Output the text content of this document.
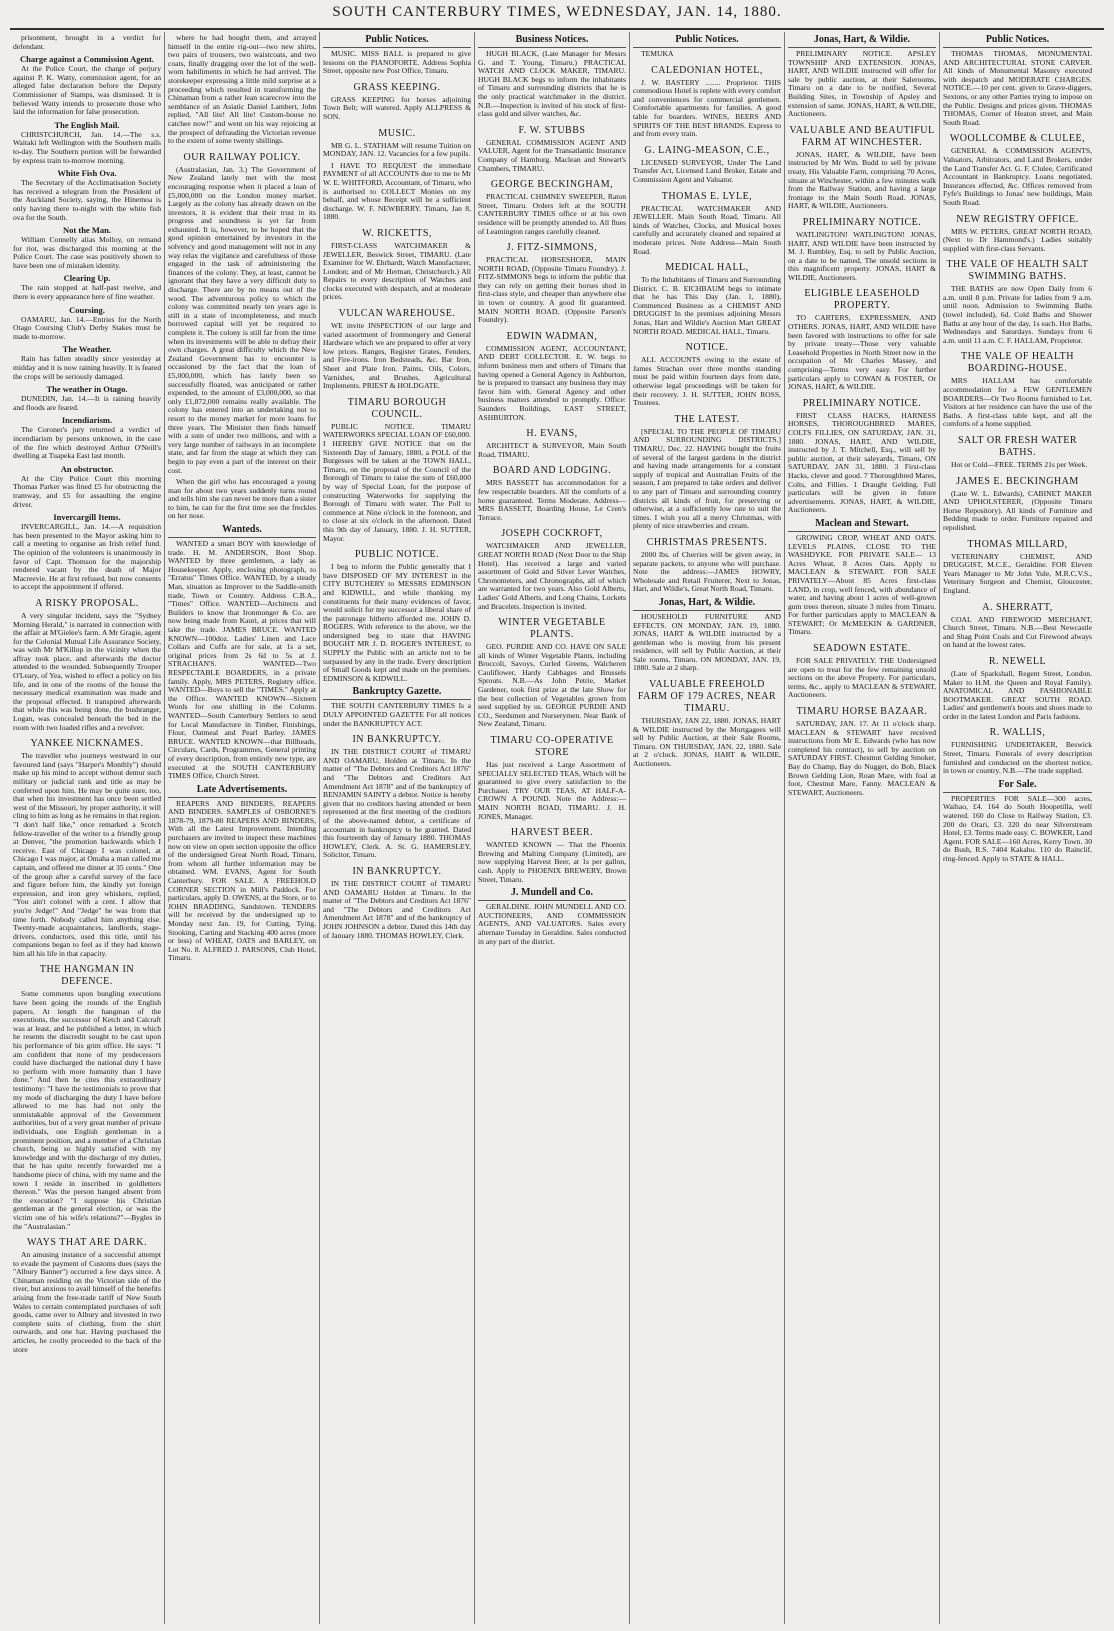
SOUTH CANTERBURY TIMES, WEDNESDAY, JAN. 14, 1880.
prisonment, brought in a verdict for defendant.
Charge against a Commission Agent.
At the Police Court, the charge of perjury against P. K. Watty, commission agent, for an alleged false declaration before the Deputy Commissioner of Stamps, was dismissed. It is believed Watty intends to prosecute those who laid the information for false prosecution.
The English Mail.
CHRISTCHURCH, Jan. 14.—The s.s. Waitaki left Wellington with the Southern mails to-day. The Southern portion will be forwarded by express train to-morrow morning.
White Fish Ova.
The Secretary of the Acclimatisation Society has received a telegram from the President of the Auckland Society, saying, the Hinemoa is only having there to-night with the white fish ova for the South.
Not the Man.
William Connelly alias Molloy, on remand for riot, was discharged this morning at the Police Court. The case was positively shown to have been one of mistaken identity.
Clearing Up.
The rain stopped at half-past twelve, and there is every appearance here of fine weather.
Coursing.
OAMARU, Jan. 14.—Entries for the North Otago Coursing Club's Derby Stakes must be made to-morrow.
The Weather.
Rain has fallen steadily since yesterday at midday and it is now raining heavily. It is feared the crops will be seriously damaged.
The weather in Otago.
DUNEDIN, Jan. 14.—It is raining heavily and floods are feared.
Incendiarism.
The Coroner's jury returned a verdict of incendiarism by persons unknown, in the case of the fire which destroyed Arthur O'Neill's dwelling at Tuapeka East last month.
An obstructor.
At the City Police Court this morning Thomas Parker was fined £5 for obstructing the tramway, and £5 for assaulting the engine driver.
Invercargill Items.
INVERCARGILL, Jan. 14.—A requisition has been presented to the Mayor asking him to call a meeting to organise an Irish relief fund. The opinion of the volunteers is unanimously in favor of Capt. Thomson for the majorship rendered vacant by the death of Major Macreevie. He at first refused, but now consents to accept the appointment if offered.
A RISKY PROPOSAL.
A very singular incident, says the "Sydney Morning Herald," is narrated in connection with the affair at M'Gielee's farm. A Mr Gragie, agent for the Colonial Mutual Life Assurance Society, was with Mr M'Killop in the vicinity when the affray took place, and afterwards the doctor attended to the wounded. Subsequently Trooper O'Leary, of Yea, wished to effect a policy on his life, and in one of the rooms of the house the necessary medical examination was made and the proposal effected. It transpired afterwards that while this was being done, the bushranger, Logan, was concealed beneath the bed in the room with two loaded rifles and a revolver.
YANKEE NICKNAMES.
The traveller who journeys westward in our favoured land (says "Harper's Monthly") should make up his mind to accept without demur such military or judicial rank and title as may be conferred upon him. He may be quite sure, too, that when his investment has once been settled west of the Missouri, by proper authority, it will cling to him as long as he remains in that region. "I don't half like," once remarked a Scotch fellow-traveller of the writer to a friendly group at Denver, "the promotion backwards which I receive. East of Chicago I was colonel, at Chicago I was major, at Omaha a man called me captain, and offered me dinner at 35 cents." One of the group after a careful survey of the face and figure before him, the kindly yet foreign expression, and iron grey whiskers, replied, "You ain't colonel with a cent. I allow that you're Jedge!" And "Jedge" he was from that time forth. Nobody called him anything else. Twenty-made acquaintances, landlords, stage-drivers, conductors, used this title, until his companions began to feel as if they had known him all his life in that capacity.
THE HANGMAN IN DEFENCE.
Some comments upon bungling executions have been going the rounds of the English papers. At length the hangman of the executions, the successor of Ketch and Calcraft was at least, and he published a letter, in which he resents the discredit sought to be cast upon his performance of his grim office. He says: "I am confident that none of my predecessors could have discharged the national duty I have to perform with more humanity than I have done." And then he cites this extraordinary testimony: "I have the testimonials to prove that my mode of discharging the duty I have before allowed to me has had not only the unmistakable approval of the Government authorities, but of a very great number of private individuals, one English gentleman in a prominent position, and a member of a Christian church, being so highly satisfied with my knowledge and with the discharge of my duties, that he has quite recently forwarded me a handsome piece of china, with my name and the town I reside in inscribed in goldletters thereon." Was the person hanged absent from the execution? "I suppose his Christian gentleman at the general election, or was the victim one of his wife's relations?"—Bygles in the "Australasian."
WAYS THAT ARE DARK.
An amusing instance of a successful attempt to evade the payment of Customs dues (says the "Albury Banner") occurred a few days since. A Chinaman residing on the Victorian side of the river, but anxious to avail himself of the benefits arising from the free-trade tariff of New South Wales to certain contemplated purchases of soft goods, came over to Albury and invested in two complete suits of clothing, from the shirt outwards, and one hat. Having purchased the articles, he coolly proceeded to the back of the store
where he had bought them, and arrayed himself in the entire rig-out—two new shirts, two pairs of trousers, two waistcoats, and two coats, finally dragging over the lot of the well-worn habiliments in which he had arrived. The storekeeper expressing a little mild surprise at a proceeding which resulted in transforming the Chinaman from a rather lean scarecrow into the semblance of an Asiatic Daniel Lambert, John replied, "All lite! All lite! Custom-house no catchee now!" and went on his way rejoicing at the prospect of defrauding the Victorian revenue to the extent of some twenty shillings.
OUR RAILWAY POLICY.
(Australasian, Jan. 3.) The Government of New Zealand lately met with the most encouraging response when it placed a loan of £5,000,000 on the London money market. Largely as the colony has already drawn on the investors, it is evident that their trust in its progress and soundness is yet far from exhausted. It is, however, to be hoped that the good opinion entertained by investors in the solvency and good management will not in any way relax the vigilance and carefulness of those engaged in the task of administering the finances of the colony. They, at least, cannot be ignorant that they have a very difficult duty to discharge. There are by no means out of the wood. The adventurous policy to which the colony was committed nearly ten years ago is still in a state of incompleteness, and much borrowed capital will yet be required to complete it. The colony is still far from the time when its investments will be able to defray their own charges. A great difficulty which the New Zealand Government has to encounter is occasioned by the fact that the loan of £5,000,000, which has lately been so successfully floated, was anticipated or rather expended, to the amount of £3,000,000, so that only £1,872,000 remains really available. The colony has entered into an undertaking not to resort to the money market for more loans for three years. The Minister then finds himself with a sum of under two millions, and with a very large number of railways in an incomplete state, and far from the stage at which they can begin to pay even a part of the interest on their cost.
When the girl who has encouraged a young man for about two years suddenly turns round and tells him she can never be more than a sister to him, he can for the first time see the freckles on her nose.
Wanteds.
WANTED a smart BOY with knowledge of trade. H. M. ANDERSON, Boot Shop. WANTED by three gentlemen, a lady as Housekeeper. Apply, enclosing photograph, to "Erratus" Times Office. WANTED, by a steady Man, situation as Improver to the Saddle-smith trade, Town or Country. Address C.B.A., "Times" Office. WANTED—Architects and Builders to know that Ironmonger & Co. are now being made from Kauri, at prices that will take the trade. JAMES BRUCE. WANTED KNOWN—100doz. Ladies' Linen and Lace Collars and Cuffs are for sale, at 1s a set, original prices from 2s 6d to 5s at J. STRACHAN'S. WANTED—Two RESPECTABLE BOARDERS, in a private family. Apply, MRS PETERS, Registry office. WANTED—Boys to sell the "TIMES." Apply at the Office. WANTED KNOWN—Sixteen Words for one shilling in the Column. WANTED—South Canterbury Settlers to send for Local Manufacture in Timber, Finishings, Flour, Oatmeal and Pearl Barley. JAMES BRUCE. WANTED KNOWN—that Billheads, Circulars, Cards, Programmes, General printing of every description, from entirely new type, are executed at the SOUTH CANTERBURY TIMES Office, Church Street.
Late Advertisements.
REAPERS AND BINDERS, REAPERS AND BINDERS. SAMPLES of OSBORNE'S 1878-79, 1879-80 REAPERS AND BINDERS, With all the Latest Improvement. Intending purchasers are invited to inspect these machines now on view on open section opposite the office of the undersigned Great North Road, Timaru, from whom all further information may be obtained. WM. EVANS, Agent for South Canterbury. FOR SALE. A FREEHOLD CORNER SECTION in Mill's Paddock. For particulars, apply D. OWENS, at the Store, or to JOHN BRADDING, Sandstown. TENDERS will be received by the undersigned up to Monday next Jan. 19, for Cutting, Tying, Stooking, Carting and Stacking 400 acres (more or less) of WHEAT, OATS and BARLEY, on Lot No. 8. ALFRED J. PARSONS, Club Hotel, Timaru.
Public Notices.
MUSIC. MISS BALL is prepared to give lessons on the PIANOFORTE. Address Sophia Street, opposite new Post Office, Timaru.
GRASS KEEPING.
GRASS KEEPING for horses adjoining Town Belt; will watered. Apply ALLPRESS & SON.
MUSIC.
MR G. L. STATHAM will resume Tuition on MONDAY, JAN. 12. Vacancies for a few pupils.
I HAVE TO REQUEST the immediate PAYMENT of all ACCOUNTS due to me to Mr W. E. WHITFORD, Accountant, of Timaru, who is authorised to COLLECT Monies on my behalf, and whose Receipt will be a sufficient discharge. W. F. NEWBERRY. Timaru, Jan 8, 1880.
W. RICKETTS,
FIRST-CLASS WATCHMAKER & JEWELLER, Beswick Street, TIMARU. (Late Examiner for W. Ehrhardt, Watch Manufacturer, London; and of Mr Herman, Christchurch.) All Repairs to every description of Watches and clocks executed with despatch, and at moderate prices.
VULCAN WAREHOUSE.
WE invite INSPECTION of our large and varied assortment of Ironmongery and General Hardware which we are prepared to offer at very low prices. Ranges, Register Grates, Fenders, and Fire-irons. Iron Bedsteads, &c. Bar Iron, Sheet and Plate Iron. Paints, Oils, Colors, Varnishes, and Brushes. Agricultural Implements. PRIEST & HOLDGATE.
TIMARU BOROUGH COUNCIL.
PUBLIC NOTICE. TIMARU WATERWORKS SPECIAL LOAN OF £60,000. I HEREBY GIVE NOTICE that on the Sixteenth Day of January, 1880, a POLL of the Burgesses will be taken at the TOWN HALL, Timaru, on the proposal of the Council of the Borough of Timaru to raise the sum of £60,000 by way of Special Loan, for the purpose of constructing Waterworks for supplying the Borough of Timaru with water. The Poll to commence at Nine o'clock in the forenoon, and to close at six o'clock in the afternoon. Dated this 9th day of January, 1880. J. H. SUTTER, Mayor.
PUBLIC NOTICE.
I beg to inform the Public generally that I have DISPOSED OF MY INTEREST in the CITY BUTCHERY to MESSRS EDMINSON and KIDWILL, and while thanking my constituents for their many evidences of favor, would solicit for my successor a liberal share of the patronage hitherto afforded me. JOHN D. ROGERS. With reference to the above, we the undersigned beg to state that HAVING BOUGHT MR J. D. ROGER'S INTEREST, to SUPPLY the Public with an article not to be surpassed by any in the trade. Every description of Small Goods kept and made on the premises. EDMINSON & KIDWILL.
Bankruptcy Gazette.
THE SOUTH CANTERBURY TIMES Is a DULY APPOINTED GAZETTE For all notices under the BANKRUPTCY ACT.
IN BANKRUPTCY.
IN THE DISTRICT COURT of TIMARU AND OAMARU, Holden at Timaru. In the matter of "The Debtors and Creditors Act 1876" and "The Debtors and Creditors Act Amendment Act 1878" and of the bankruptcy of BENJAMIN SAINTY a debtor. Notice is hereby given that no creditors having attended or been represented at the first meeting of the creditors of the above-named debtor, a certificate of accountant in bankruptcy to be granted. Dated this fourteenth day of January 1880. THOMAS HOWLEY, Clerk. A. St. G. HAMERSLEY, Solicitor, Timaru.
IN BANKRUPTCY.
IN THE DISTRICT COURT of TIMARU AND OAMARU Holden at Timaru. In the matter of "The Debtors and Creditors Act 1876" and "The Debtors and Creditors Act Amendment Act 1878" and of the bankruptcy of JOHN JOHNSON a debtor. Dated this 14th day of January 1880. THOMAS HOWLEY, Clerk.
Business Notices.
HUGH BLACK, (Late Manager for Messrs G. and T. Young, Timaru.) PRACTICAL WATCH AND CLOCK MAKER, TIMARU. HUGH BLACK begs to inform the inhabitants of Timaru and surrounding districts that he is the only practical watchmaker in the district. N.B.—Inspection is invited of his stock of first-class gold and silver watches, &c.
F. W. STUBBS
GENERAL COMMISSION AGENT AND VALUER, Agent for the Transatlantic Insurance Company of Hamburg. Maclean and Stewart's Chambers, TIMARU.
GEORGE BECKINGHAM,
PRACTICAL CHIMNEY SWEEPER, Raton Street, Timaru. Orders left at the SOUTH CANTERBURY TIMES office or at his own residence will be promptly attended to. All flues of Leamington ranges carefully cleaned.
J. FITZ-SIMMONS,
PRACTICAL HORSESHOER, MAIN NORTH ROAD, (Opposite Timaru Foundry). J. FITZ-SIMMONS begs to inform the public that they can rely on getting their horses shod in first-class style, and cheaper than anywhere else in town or country. A good fit guaranteed. MAIN NORTH ROAD, (Opposite Parson's Foundry).
EDWIN WADMAN,
COMMISSION AGENT, ACCOUNTANT, AND DEBT COLLECTOR. E. W. begs to inform business men and others of Timaru that having opened a General Agency in Ashburton, he is prepared to transact any business they may favor him with. General Agency and other business matters attended to promptly. Office: Saunders Buildings, EAST STREET, ASHBURTON.
H. EVANS,
ARCHITECT & SURVEYOR, Main South Road, TIMARU.
BOARD AND LODGING.
MRS BASSETT has accommodation for a few respectable boarders. All the comforts of a home guaranteed. Terms Moderate. Address—MRS BASSETT, Boarding House, Le Cren's Terrace.
JOSEPH COCKROFT,
WATCHMAKER AND JEWELLER, GREAT NORTH ROAD (Next Door to the Ship Hotel). Has received a large and varied assortment of Gold and Silver Lever Watches, Chronometers, and Chronographs, all of which are warranted for two years. Also Gold Alberts, Ladies' Gold Alberts, and Long Chains, Lockets and Bracelets. Inspection is invited.
WINTER VEGETABLE PLANTS.
GEO. PURDIE AND CO. HAVE ON SALE all kinds of Winter Vegetable Plants, including Broccoli, Savoys, Curled Greens, Walcheren Cauliflower, Hardy Cabbages and Brussels Sprouts. N.B.—As John Petrie, Market Gardener, took first prize at the late Show for the best collection of Vegetables grown from seed supplied by us. GEORGE PURDIE AND CO., Seedsmen and Nurserymen. Near Bank of New Zealand, Timaru.
TIMARU CO-OPERATIVE STORE
Has just received a Large Assortment of SPECIALLY SELECTED TEAS, Which will be guaranteed to give every satisfaction to the Purchaser. TRY OUR TEAS, AT HALF-A-CROWN A POUND. Note the Address:—MAIN NORTH ROAD, TIMARU. J. H. JONES, Manager.
HARVEST BEER.
WANTED KNOWN — That the Phoenix Brewing and Malting Company (Limited), are now supplying Harvest Beer, at 1s per gallon, cash. Apply to PHOENIX BREWERY, Brown Street, Timaru.
J. Mundell and Co.
GERALDINE. JOHN MUNDELL AND CO. AUCTIONEERS, AND COMMISSION AGENTS, AND VALUATORS. Sales every alternate Tuesday in Geraldine. Sales conducted in any part of the district.
Public Notices.
TEMUKA
CALEDONIAN HOTEL,
J. W. BASTERY ........ Proprietor. THIS commodious Hotel is replete with every comfort and conveniences for commercial gentlemen. Comfortable apartments for families. A good table for boarders. WINES, BEERS AND SPIRITS OF THE BEST BRANDS. Express to and from every train.
G. LAING-MEASON, C.E.,
LICENSED SURVEYOR, Under The Land Transfer Act, Licensed Land Broker, Estate and Commission Agent and Valuator.
THOMAS E. LYLE,
PRACTICAL WATCHMAKER AND JEWELLER. Main South Road, Timaru. All kinds of Watches, Clocks, and Musical boxes carefully and accurately cleaned and repaired at moderate prices. Note Address—Main South Road.
MEDICAL HALL,
To the Inhabitants of Timaru and Surrounding District. C. B. EICHBAUM begs to intimate that he has This Day (Jan. 1, 1880), Commenced Business as a CHEMIST AND DRUGGIST In the premises adjoining Messrs Jonas, Hart and Wildie's Auction Mart GREAT NORTH ROAD. MEDICAL HALL, Timaru.
NOTICE.
ALL ACCOUNTS owing to the estate of James Strachan over three months standing must be paid within fourteen days from date, otherwise legal proceedings will be taken for their recovery. J. H. SUTTER, JOHN ROSS, Trustees.
THE LATEST.
[SPECIAL TO THE PEOPLE OF TIMARU AND SURROUNDING DISTRICTS.] TIMARU, Dec. 22. HAVING bought the fruits of several of the largest gardens in the district and having made arrangements for a constant supply of tropical and Australian Fruits of the season, I am prepared to take orders and deliver to any part of Timaru and surrounding country districts all kinds of fruit, for preserving or otherwise, at a sufficiently low rate to suit the times. I wish you all a merry Christmas, with plenty of nice strawberries and cream.
CHRISTMAS PRESENTS.
2000 lbs. of Cherries will be given away, in separate packets, to anyone who will purchase. Note the address:—JAMES HOWRY, Wholesale and Retail Fruiterer, Next to Jonas, Hart, and Wildie's, Great North Road, Timaru.
Jonas, Hart, & Wildie.
HOUSEHOLD FURNITURE AND EFFECTS. ON MONDAY, JAN. 19, 1880. JONAS, HART & WILDIE instructed by a gentleman who is moving from his present residence, will sell by Public Auction, at their Sale rooms, Timaru. ON MONDAY, JAN. 19, 1880. Sale at 2 sharp.
VALUABLE FREEHOLD FARM OF 179 ACRES, NEAR TIMARU.
THURSDAY, JAN 22, 1880. JONAS, HART & WILDIE instructed by the Mortgagees will sell by Public Auction, at their Sale Rooms, Timaru. ON THURSDAY, JAN. 22, 1880. Sale at 2 o'clock. JONAS, HART & WILDIE, Auctioneers.
Jonas, Hart, & Wildie.
PRELIMINARY NOTICE. APSLEY TOWNSHIP AND EXTENSION. JONAS, HART, AND WILDIE instructed will offer for sale by public auction, at their Salerooms, Timaru on a date to be notified, Several Building Sites, in Township of Apsley and extension of same. JONAS, HART, & WILDIE, Auctioneers.
VALUABLE AND BEAUTIFUL FARM AT WINCHESTER.
JONAS, HART, & WILDIE, have been instructed by Mr Wm. Budd to sell by private treaty, His Valuable Farm, comprising 70 Acres, situate at Winchester, within a few minutes walk from the Railway Station, and having a large frontage to the Main South Road. JONAS, HART, & WILDIE, Auctioneers.
PRELIMINARY NOTICE.
WATLINGTON! WATLINGTON! JONAS, HART, AND WILDIE have been instructed by M. J. Rumbley, Esq. to sell by Public Auction, on a date to be named, The unsold sections in this magnificent property. JONAS, HART & WILDIE, Auctioneers.
ELIGIBLE LEASEHOLD PROPERTY.
TO CARTERS, EXPRESSMEN, AND OTHERS. JONAS, HART, AND WILDIE have been favored with instructions to offer for sale by private treaty—Those very valuable Leasehold Properties in North Street now in the occupation of Mr Charles Massey, and comprising—Terms very easy. For further particulars apply to COWAN & FOSTER, Or JONAS, HART, & WILDIE.
PRELIMINARY NOTICE.
FIRST CLASS HACKS, HARNESS HORSES, THOROUGHBRED MARES, COLTS FILLIES, ON SATURDAY, JAN. 31, 1880. JONAS, HART, AND WILDIE, instructed by J. T. Mitchell, Esq., will sell by public auction, at their saleyards, Timaru, ON SATURDAY, JAN 31, 1880. 3 First-class Hacks, clever and good. 7 Thoroughbred Mares, Colts, and Fillies. 1 Draught Gelding. Full particulars will be given in future advertisements. JONAS, HART, & WILDIE, Auctioneers.
Maclean and Stewart.
GROWING CROP, WHEAT AND OATS. LEVELS PLAINS, CLOSE TO THE WASHDYKE. FOR PRIVATE SALE— 13 Acres Wheat, 8 Acres Oats. Apply to MACLEAN & STEWART. FOR SALE PRIVATELY—About 85 Acres first-class LAND, in crop, well fenced, with abundance of water, and having about 1 acres of well-grown gum trees thereon, situate 3 miles from Timaru. For further particulars apply to MACLEAN & STEWART; Or McMEEKIN & GARDNER, Timaru.
SEADOWN ESTATE.
FOR SALE PRIVATELY. THE Undersigned are open to treat for the few remaining unsold sections on the above Property. For particulars, terms, &c., apply to MACLEAN & STEWART, Auctioneers.
TIMARU HORSE BAZAAR.
SATURDAY, JAN. 17. At 11 o'clock sharp. MACLEAN & STEWART have received instructions from Mr E. Edwards (who has now completed his contract), to sell by auction on SATURDAY FIRST. Chestnut Gelding Smoker, Bay do Champ, Bay do Nugget, do Bob, Black Brown Gelding Lion, Roan Mare, with foal at foot, Chestnut Mare, Fanny. MACLEAN & STEWART, Auctioneers.
Public Notices.
THOMAS THOMAS, MONUMENTAL AND ARCHITECTURAL STONE CARVER. All kinds of Monumental Masonry executed with despatch and MODERATE CHARGES. NOTICE.—10 per cent. given to Grave-diggers, Sextons, or any other Parties trying to impose on the Public. Designs and prices given. THOMAS THOMAS, Corner of Heaton street, and Main South Road.
WOOLLCOMBE & CLULEE,
GENERAL & COMMISSION AGENTS, Valuators, Arbitrators, and Land Brokers, under the Land Transfer Act. G. F. Clulee, Certificated Accountant in Bankruptcy. Loans negotiated, Insurances effected, &c. Offices removed from Fyfe's Buildings to Jonas' new buildings, Main South Road.
NEW REGISTRY OFFICE.
MRS W. PETERS, GREAT NORTH ROAD, (Next to Dr Hammond's.) Ladies suitably supplied with first-class Servants.
THE VALE OF HEALTH SALT SWIMMING BATHS.
THE BATHS are now Open Daily from 6 a.m. until 8 p.m. Private for ladies from 9 a.m. until noon. Admission to Swimming Baths (towel included), 6d. Cold Baths and Shower Baths at any hour of the day, 1s each. Hot Baths, Wednesdays and Saturdays. Sundays from 6 a.m. until 11 a.m. C. F. HALLAM, Proprietor.
THE VALE OF HEALTH BOARDING-HOUSE.
MRS HALLAM has comfortable accommodation for a FEW GENTLEMEN BOARDERS—Or Two Rooms furnished to Let. Visitors at her residence can have the use of the Baths. A first-class table kept, and all the comforts of a home supplied.
SALT OR FRESH WATER BATHS.
Hot or Cold—FREE. TERMS 21s per Week.
JAMES E. BECKINGHAM
(Late W. L. Edwards), CABINET MAKER AND UPHOLSTERER, (Opposite Timaru Horse Repository). All kinds of Furniture and Bedding made to order. Furniture repaired and repolished.
THOMAS MILLARD,
VETERINARY CHEMIST, AND DRUGGIST, M.C.E., Geraldine. FOR Eleven Years Manager to Mr John Yule, M.R.C.V.S., Veterinary Surgeon and Chemist, Gloucester, England.
A. SHERRATT,
COAL AND FIREWOOD MERCHANT, Church Street, Timaru. N.B.—Best Newcastle and Shag Point Coals and Cut Firewood always on hand at the lowest rates.
R. NEWELL
(Late of Sparkshall, Regent Street, London. Maker to H.M. the Queen and Royal Family). ANATOMICAL AND FASHIONABLE BOOTMAKER. GREAT SOUTH ROAD. Ladies' and gentlemen's boots and shoes made to order in the latest London and Paris fashions.
R. WALLIS,
FURNISHING UNDERTAKER, Beswick Street, Timaru. Funerals of every description furnished and conducted on the shortest notice, in town or country. N.B.—The trade supplied.
For Sale.
PROPERTIES FOR SALE—300 acres, Waihao, £4. 164 do South Hoopetilla, well watered. 160 do Close to Railway Station, £3. 200 do Orari, £3. 320 do near Silverstream Hotel, £3. Terms made easy. C. BOWKER, Land Agent. FOR SALE—160 Acres, Kerry Town. 30 do Bush, R.S. 7404 Kakahu. 110 do Rainclif, ring-fenced. Apply to STATE & HALL.
